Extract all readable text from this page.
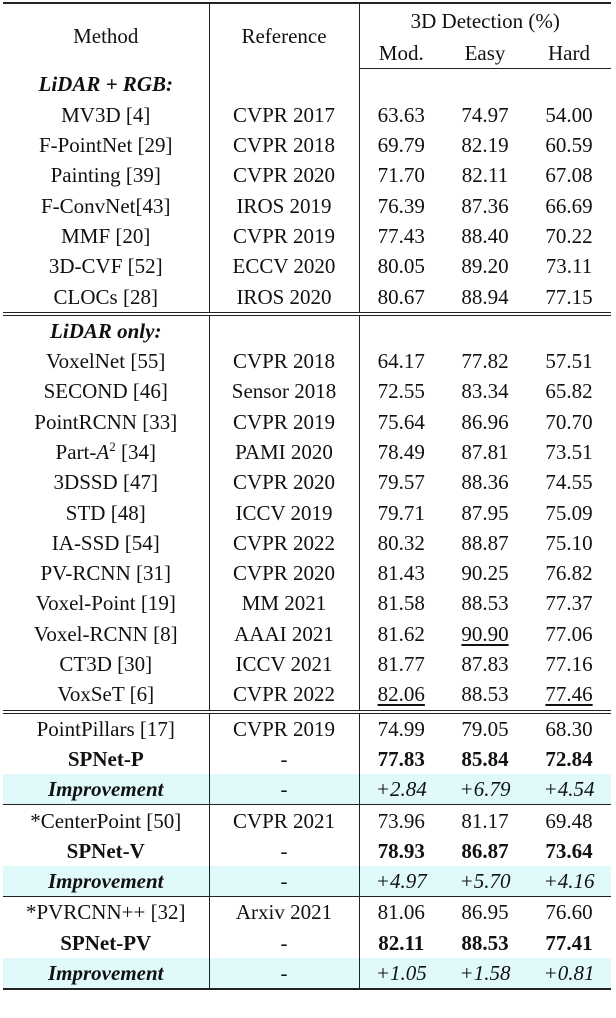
Method	Reference	3D Detection (%)		
		Mod.	Easy	Hard
LiDAR + RGB:				
MV3D [4]	CVPR 2017	63.63	74.97	54.00
F-PointNet [29]	CVPR 2018	69.79	82.19	60.59
Painting [39]	CVPR 2020	71.70	82.11	67.08
F-ConvNet[43]	IROS 2019	76.39	87.36	66.69
MMF [20]	CVPR 2019	77.43	88.40	70.22
3D-CVF [52]	ECCV 2020	80.05	89.20	73.11
CLOCs [28]	IROS 2020	80.67	88.94	77.15
LiDAR only:				
VoxelNet [55]	CVPR 2018	64.17	77.82	57.51
SECOND [46]	Sensor 2018	72.55	83.34	65.82
PointRCNN [33]	CVPR 2019	75.64	86.96	70.70
Part-$A^2$ [34]	PAMI 2020	78.49	87.81	73.51
3DSSD [47]	CVPR 2020	79.57	88.36	74.55
STD [48]	ICCV 2019	79.71	87.95	75.09
IA-SSD [54]	CVPR 2022	80.32	88.87	75.10
PV-RCNN [31]	CVPR 2020	81.43	90.25	76.82
Voxel-Point [19]	MM 2021	81.58	88.53	77.37
Voxel-RCNN [8]	AAAI 2021	81.62	90.90	77.06
CT3D [30]	ICCV 2021	81.77	87.83	77.16
VoxSeT [6]	CVPR 2022	82.06	88.53	77.46
PointPillars [17]	CVPR 2019	74.99	79.05	68.30
SPNet-P	-	77.83	85.84	72.84
Improvement	-	+2.84	+6.79	+4.54
*CenterPoint [50]	CVPR 2021	73.96	81.17	69.48
SPNet-V	-	78.93	86.87	73.64
Improvement	-	+4.97	+5.70	+4.16
*PVRCNN++ [32]	Arxiv 2021	81.06	86.95	76.60
SPNet-PV	-	82.11	88.53	77.41
Improvement	-	+1.05	+1.58	+0.81
